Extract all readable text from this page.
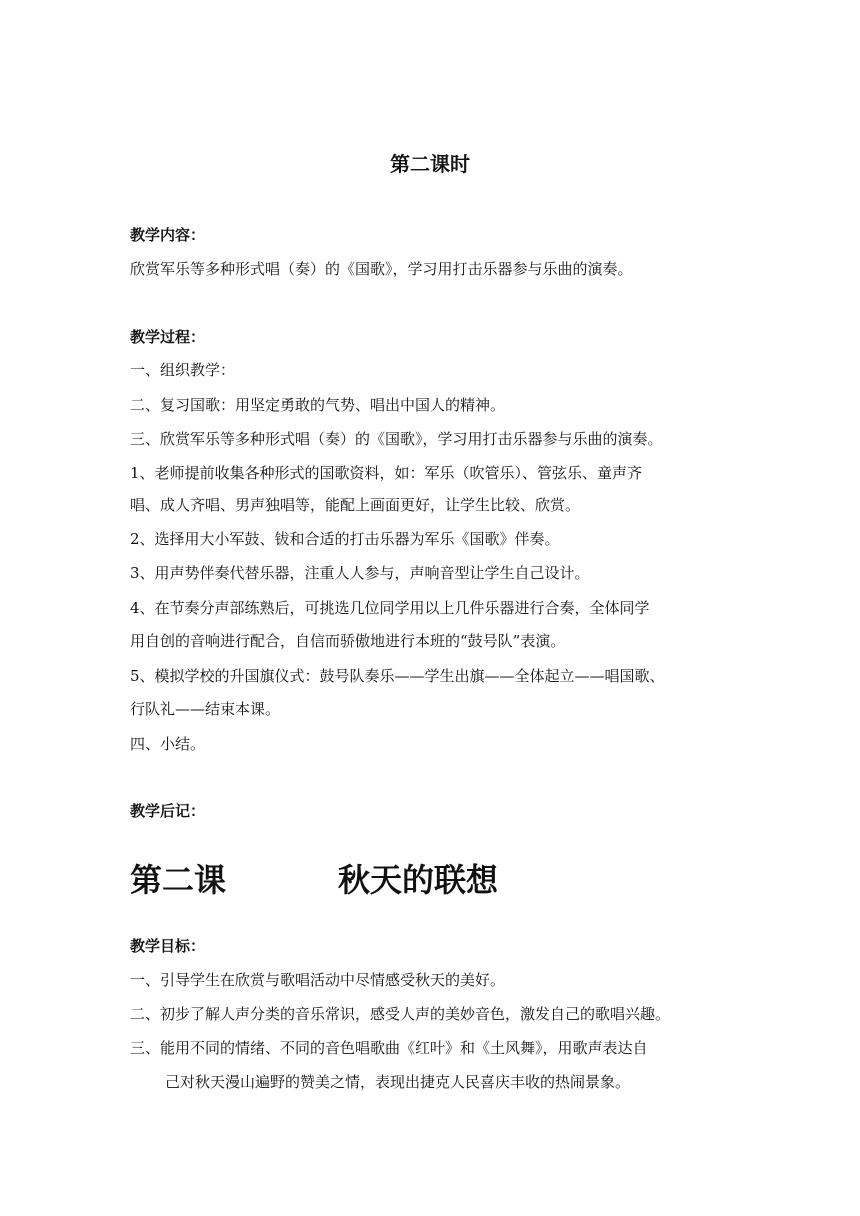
第二课时
教学内容：
欣赏军乐等多种形式唱（奏）的《国歌》，学习用打击乐器参与乐曲的演奏。
教学过程：
一、组织教学：
二、复习国歌：用坚定勇敢的气势、唱出中国人的精神。
三、欣赏军乐等多种形式唱（奏）的《国歌》，学习用打击乐器参与乐曲的演奏。
1、老师提前收集各种形式的国歌资料，如：军乐（吹管乐）、管弦乐、童声齐
唱、成人齐唱、男声独唱等，能配上画面更好，让学生比较、欣赏。
2、选择用大小军鼓、钹和合适的打击乐器为军乐《国歌》伴奏。
3、用声势伴奏代替乐器，注重人人参与，声响音型让学生自己设计。
4、在节奏分声部练熟后，可挑选几位同学用以上几件乐器进行合奏，全体同学
用自创的音响进行配合，自信而骄傲地进行本班的“鼓号队”表演。
5、模拟学校的升国旗仪式：鼓号队奏乐——学生出旗——全体起立——唱国歌、
行队礼——结束本课。
四、小结。
教学后记：
第二课	秋天的联想
教学目标：
一、引导学生在欣赏与歌唱活动中尽情感受秋天的美好。
二、初步了解人声分类的音乐常识，感受人声的美妙音色，激发自己的歌唱兴趣。
三、能用不同的情绪、不同的音色唱歌曲《红叶》和《土风舞》，用歌声表达自
己对秋天漫山遍野的赞美之情，表现出捷克人民喜庆丰收的热闹景象。
